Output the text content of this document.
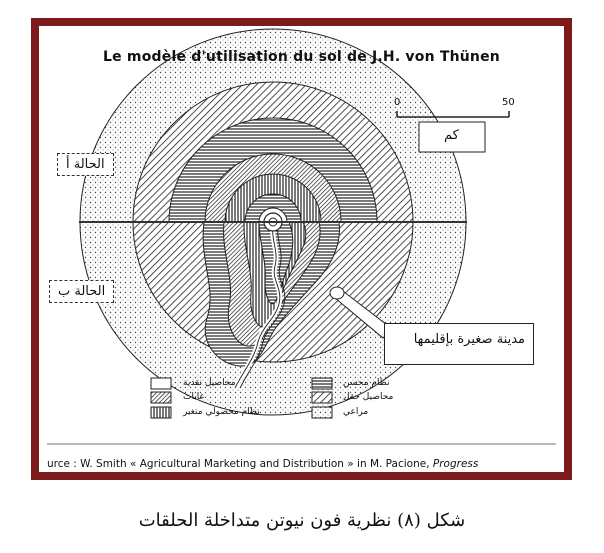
Le modèle d'utilisation du sol de J.H. von Thünen
الحالة أ
الحالة ب
0	50
كم
مدينة صغيرة بإقليمها
محاصيل نقدية	نظام محسن
غابات	محاصيل حقل
نظام محصولي متغير	مراعي
urce : W. Smith « Agricultural Marketing and Distribution » in M. Pacione, Progress
شكل (٨) نظرية فون نيوتن متداخلة الحلقات
